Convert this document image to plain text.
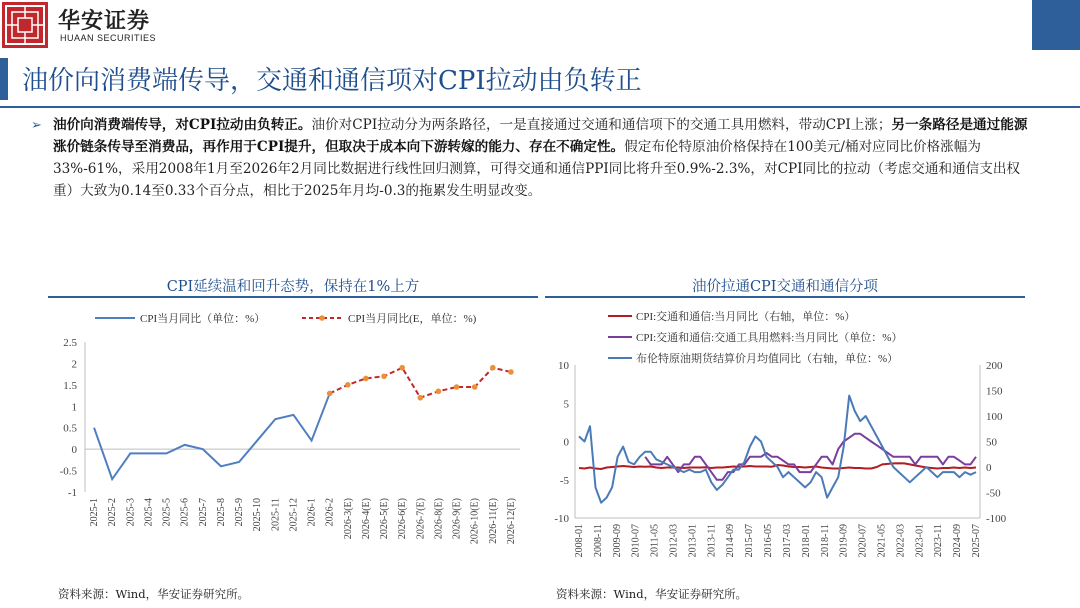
华安证券
HUAAN SECURITIES
油价向消费端传导，交通和通信项对CPI拉动由负转正
➢ 油价向消费端传导，对CPI拉动由负转正。油价对CPI拉动分为两条路径，一是直接通过交通和通信项下的交通工具用燃料，带动CPI上涨；另一条路径是通过能源涨价链条传导至消费品，再作用于CPI提升，但取决于成本向下游转嫁的能力、存在不确定性。假定布伦特原油价格保持在100美元/桶对应同比价格涨幅为33%-61%，采用2008年1月至2026年2月同比数据进行线性回归测算，可得交通和通信PPI同比将升至0.9%-2.3%，对CPI同比的拉动（考虑交通和通信支出权重）大致为0.14至0.33个百分点，相比于2025年月均-0.3的拖累发生明显改变。
CPI延续温和回升态势，保持在1%上方
-1
-0.5
0
0.5
1
1.5
2
2.5
2025-1 2025-2 2025-3 2025-4 2025-5 2025-6 2025-7 2025-8 2025-9 2025-10 2025-11 2025-12 2026-1 2026-2 2026-3(E) 2026-4(E) 2026-5(E) 2026-6(E) 2026-7(E) 2026-8(E) 2026-9(E) 2026-10(E) 2026-11(E) 2026-12(E)
CPI当月同比（单位：%）	CPI当月同比(E，单位：%)
资料来源：Wind，华安证券研究所。
油价拉通CPI交通和通信分项
-10
-5
0
5
10
-100
-50
0
50
100
150
200
2008-01 2008-11 2009-09 2010-07 2011-05 2012-03 2013-01 2013-11 2014-09 2015-07 2016-05 2017-03 2018-01 2018-11 2019-09 2020-07 2021-05 2022-03 2023-01 2023-11 2024-09 2025-07
CPI:交通和通信:当月同比（右轴，单位：%）
CPI:交通和通信:交通工具用燃料:当月同比（单位：%）
布伦特原油期货结算价月均值同比（右轴，单位：%）
资料来源：Wind，华安证券研究所。
